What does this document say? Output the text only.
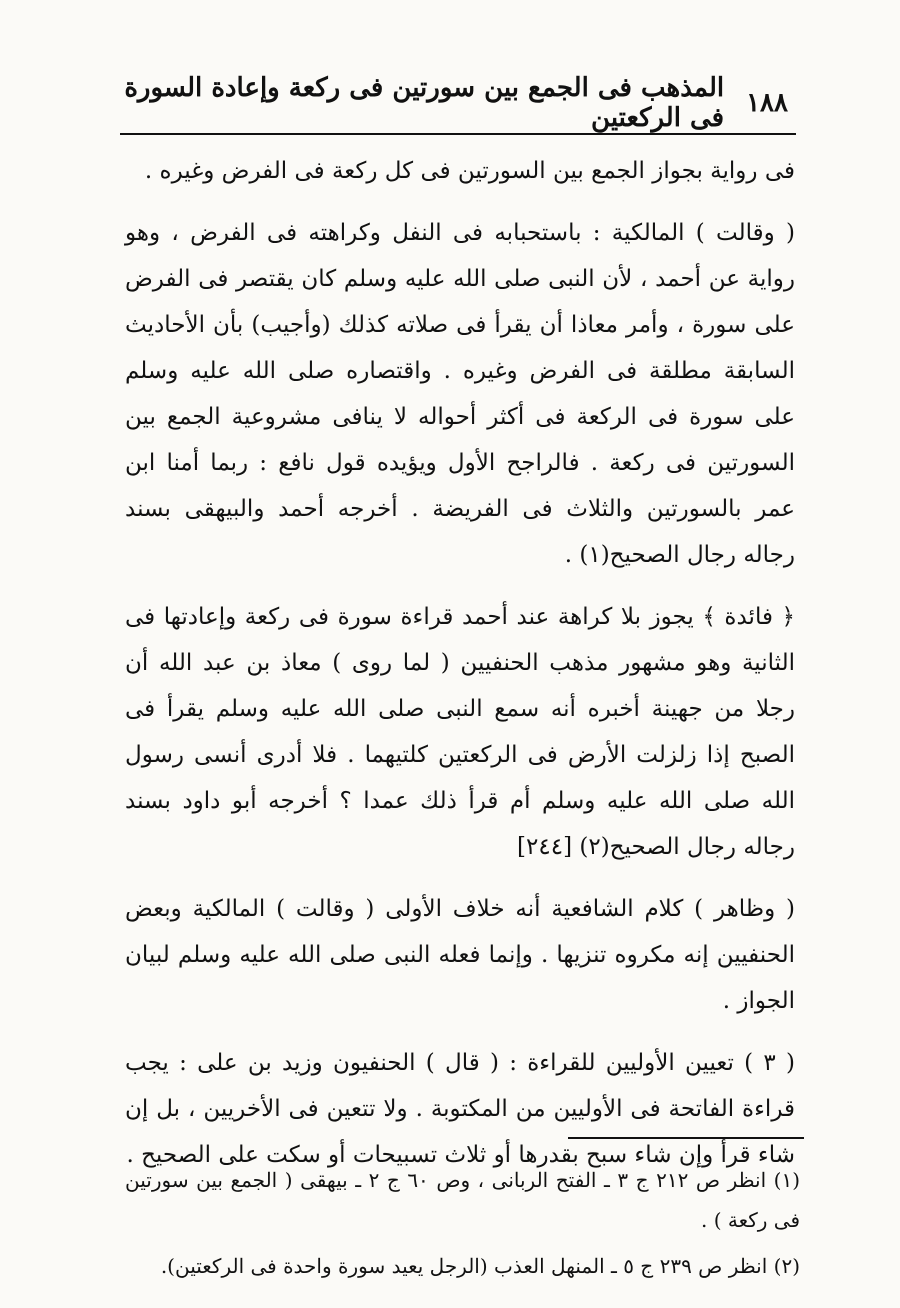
١٨٨
المذهب فى الجمع بين سورتين فى ركعة وإعادة السورة فى الركعتين

فى رواية بجواز الجمع بين السورتين فى كل ركعة فى الفرض وغيره .

( وقالت ) المالكية : باستحبابه فى النفل وكراهته فى الفرض ، وهو رواية عن أحمد ، لأن النبى صلى الله عليه وسلم كان يقتصر فى الفرض على سورة ، وأمر معاذا أن يقرأ فى صلاته كذلك (وأجيب) بأن الأحاديث السابقة مطلقة فى الفرض وغيره . واقتصاره صلى الله عليه وسلم على سورة فى الركعة فى أكثر أحواله لا ينافى مشروعية الجمع بين السورتين فى ركعة . فالراجح الأول ويؤيده قول نافع : ربما أمنا ابن عمر بالسورتين والثلاث فى الفريضة . أخرجه أحمد والبيهقى بسند رجاله رجال الصحيح(١) .

﴿ فائدة ﴾ يجوز بلا كراهة عند أحمد قراءة سورة فى ركعة وإعادتها فى الثانية وهو مشهور مذهب الحنفيين ( لما روى ) معاذ بن عبد الله أن رجلا من جهينة أخبره أنه سمع النبى صلى الله عليه وسلم يقرأ فى الصبح إذا زلزلت الأرض فى الركعتين كلتيهما . فلا أدرى أنسى رسول الله صلى الله عليه وسلم أم قرأ ذلك عمدا ؟ أخرجه أبو داود بسند رجاله رجال الصحيح(٢) [٢٤٤]

( وظاهر ) كلام الشافعية أنه خلاف الأولى ( وقالت ) المالكية وبعض الحنفيين إنه مكروه تنزيها . وإنما فعله النبى صلى الله عليه وسلم لبيان الجواز .

( ٣ ) تعيين الأوليين للقراءة : ( قال ) الحنفيون وزيد بن على : يجب قراءة الفاتحة فى الأوليين من المكتوبة . ولا تتعين فى الأخريين ، بل إن شاء قرأ وإن شاء سبح بقدرها أو ثلاث تسبيحات أو سكت على الصحيح .

(١) انظر ص ٢١٢ ج ٣ ـ الفتح الربانى ، وص ٦٠ ج ٢ ـ بيهقى ( الجمع بين سورتين فى ركعة ) .

(٢) انظر ص ٢٣٩ ج ٥ ـ المنهل العذب (الرجل يعيد سورة واحدة فى الركعتين).
